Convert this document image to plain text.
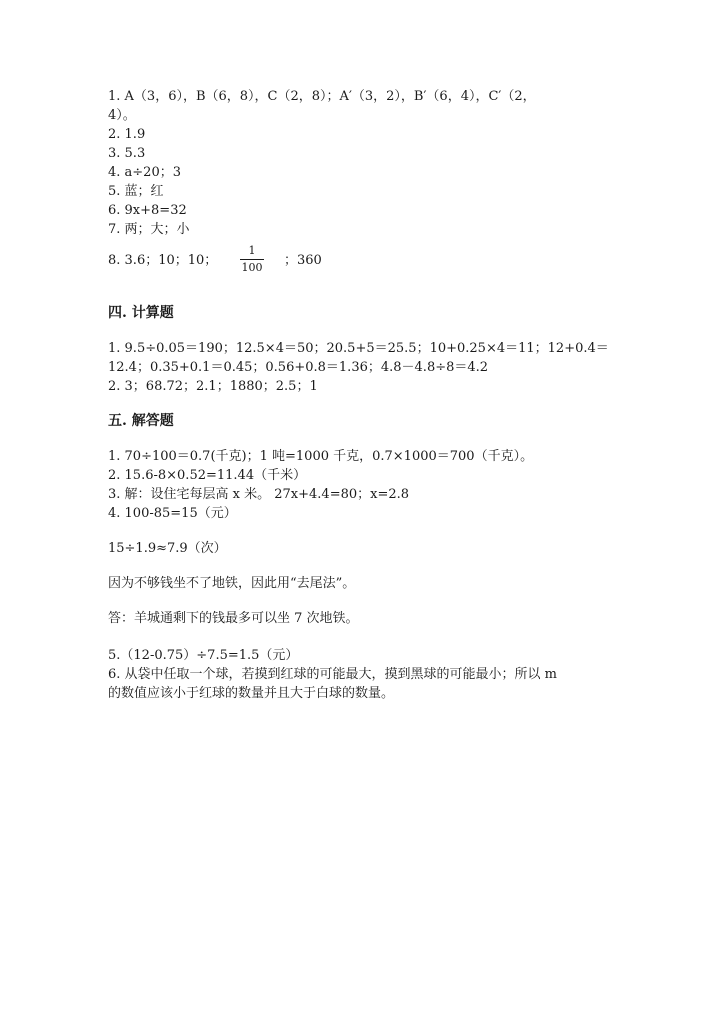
1. A（3，6），B（6，8），C（2，8）；A′（3，2），B′（6，4），C′（2，
4）。
2. 1.9
3. 5.3
4. a÷20；3
5. 蓝；红
6. 9x+8=32
7. 两；大；小
8. 3.6；10；10； $\frac{1}{100}$ ；360
四. 计算题
1. 9.5÷0.05＝190；12.5×4＝50；20.5+5＝25.5；10+0.25×4＝11；12+0.4＝
12.4；0.35+0.1＝0.45；0.56+0.8＝1.36；4.8－4.8÷8＝4.2
2. 3；68.72；2.1；1880；2.5；1
五. 解答题
1. 70÷100＝0.7(千克)；1 吨=1000 千克，0.7×1000＝700（千克）。
2. 15.6-8×0.52=11.44（千米）
3. 解：设住宅每层高 x 米。 27x+4.4=80；x=2.8
4. 100-85=15（元）
15÷1.9≈7.9（次）
因为不够钱坐不了地铁，因此用“去尾法”。
答：羊城通剩下的钱最多可以坐 7 次地铁。
5.（12-0.75）÷7.5=1.5（元）
6. 从袋中任取一个球，若摸到红球的可能最大，摸到黑球的可能最小；所以 m
的数值应该小于红球的数量并且大于白球的数量。
